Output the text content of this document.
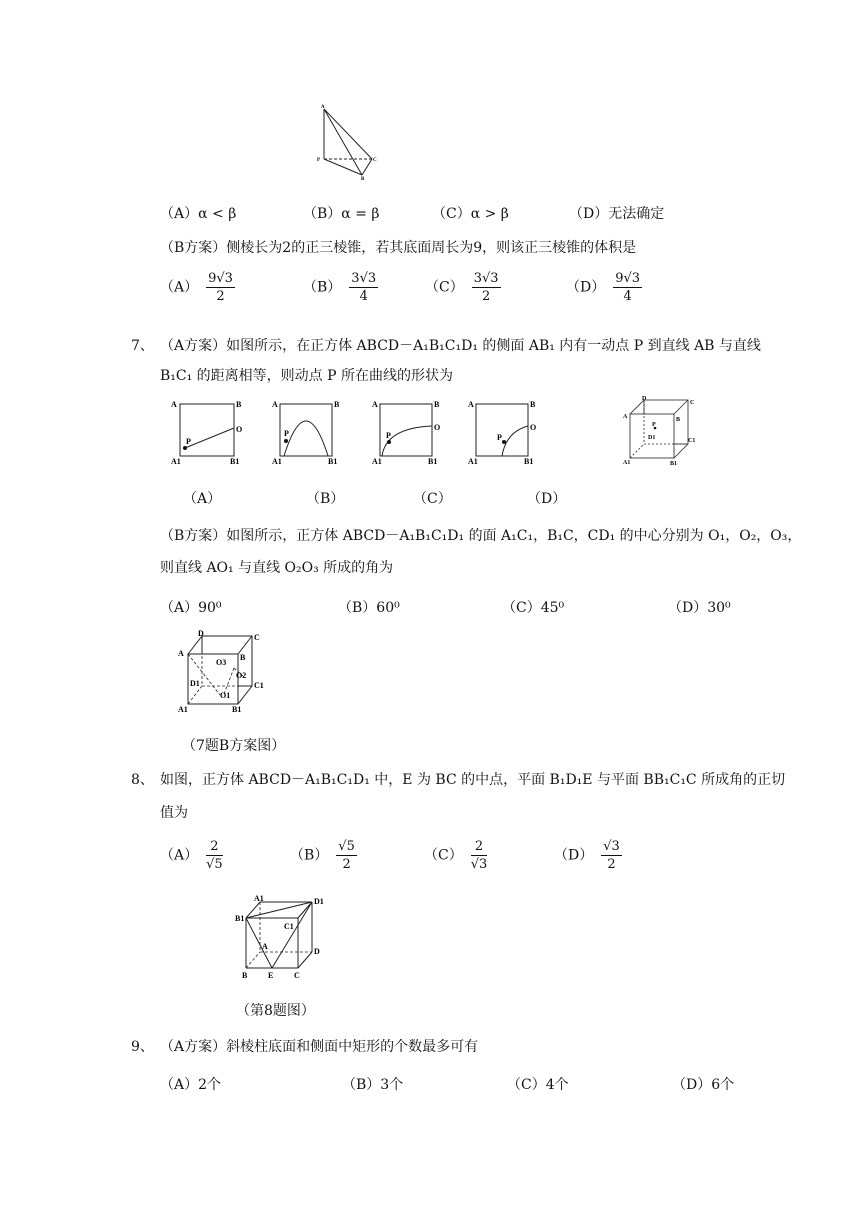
A
P	C
B
（A）α < β	（B）α = β	（C）α > β	（D）无法确定
（B方案）侧棱长为2的正三棱锥，若其底面周长为9，则该正三棱锥的体积是
$(A) \frac{9√3}{2}$	$(B) \frac{3√3}{4}$	$(C) \frac{3√3}{2}$	$(D) \frac{9√3}{4}$
7、 （A方案）如图所示，在正方体 ABCD－A₁B₁C₁D₁ 的侧面 AB₁ 内有一动点 P 到直线 AB 与直线
B₁C₁ 的距离相等，则动点 P 所在曲线的形状为
A	B
P
O
A1	B1
A	B
P
A1	B1
A	B
P
O
A1	B1
A	B
P
O
A1	B1
D
C
A	B
P
D1	C1
A1	B1
（A）	（B）	（C）	（D）
（B方案）如图所示，正方体 ABCD－A₁B₁C₁D₁ 的面 A₁C₁，B₁C，CD₁ 的中心分别为 O₁，O₂，O₃，
则直线 AO₁ 与直线 O₂O₃ 所成的角为
（A）90⁰	（B）60⁰	（C）45⁰	（D）30⁰
D	C
A	B
O3
O2
C1
D1
O1
A1	B1
（7题B方案图）
8、 如图，正方体 ABCD－A₁B₁C₁D₁ 中，E 为 BC 的中点，平面 B₁D₁E 与平面 BB₁C₁C 所成角的正切
值为
$(A) \frac{2}{√5}$	$(B) \frac{√5}{2}$	$(C) \frac{2}{√3}$	$(D) \frac{√3}{2}$
A1	D1
B1
C1
A
D
B	E	C
（第8题图）
9、 （A方案）斜棱柱底面和侧面中矩形的个数最多可有
（A）2个	（B）3个	（C）4个	（D）6个
